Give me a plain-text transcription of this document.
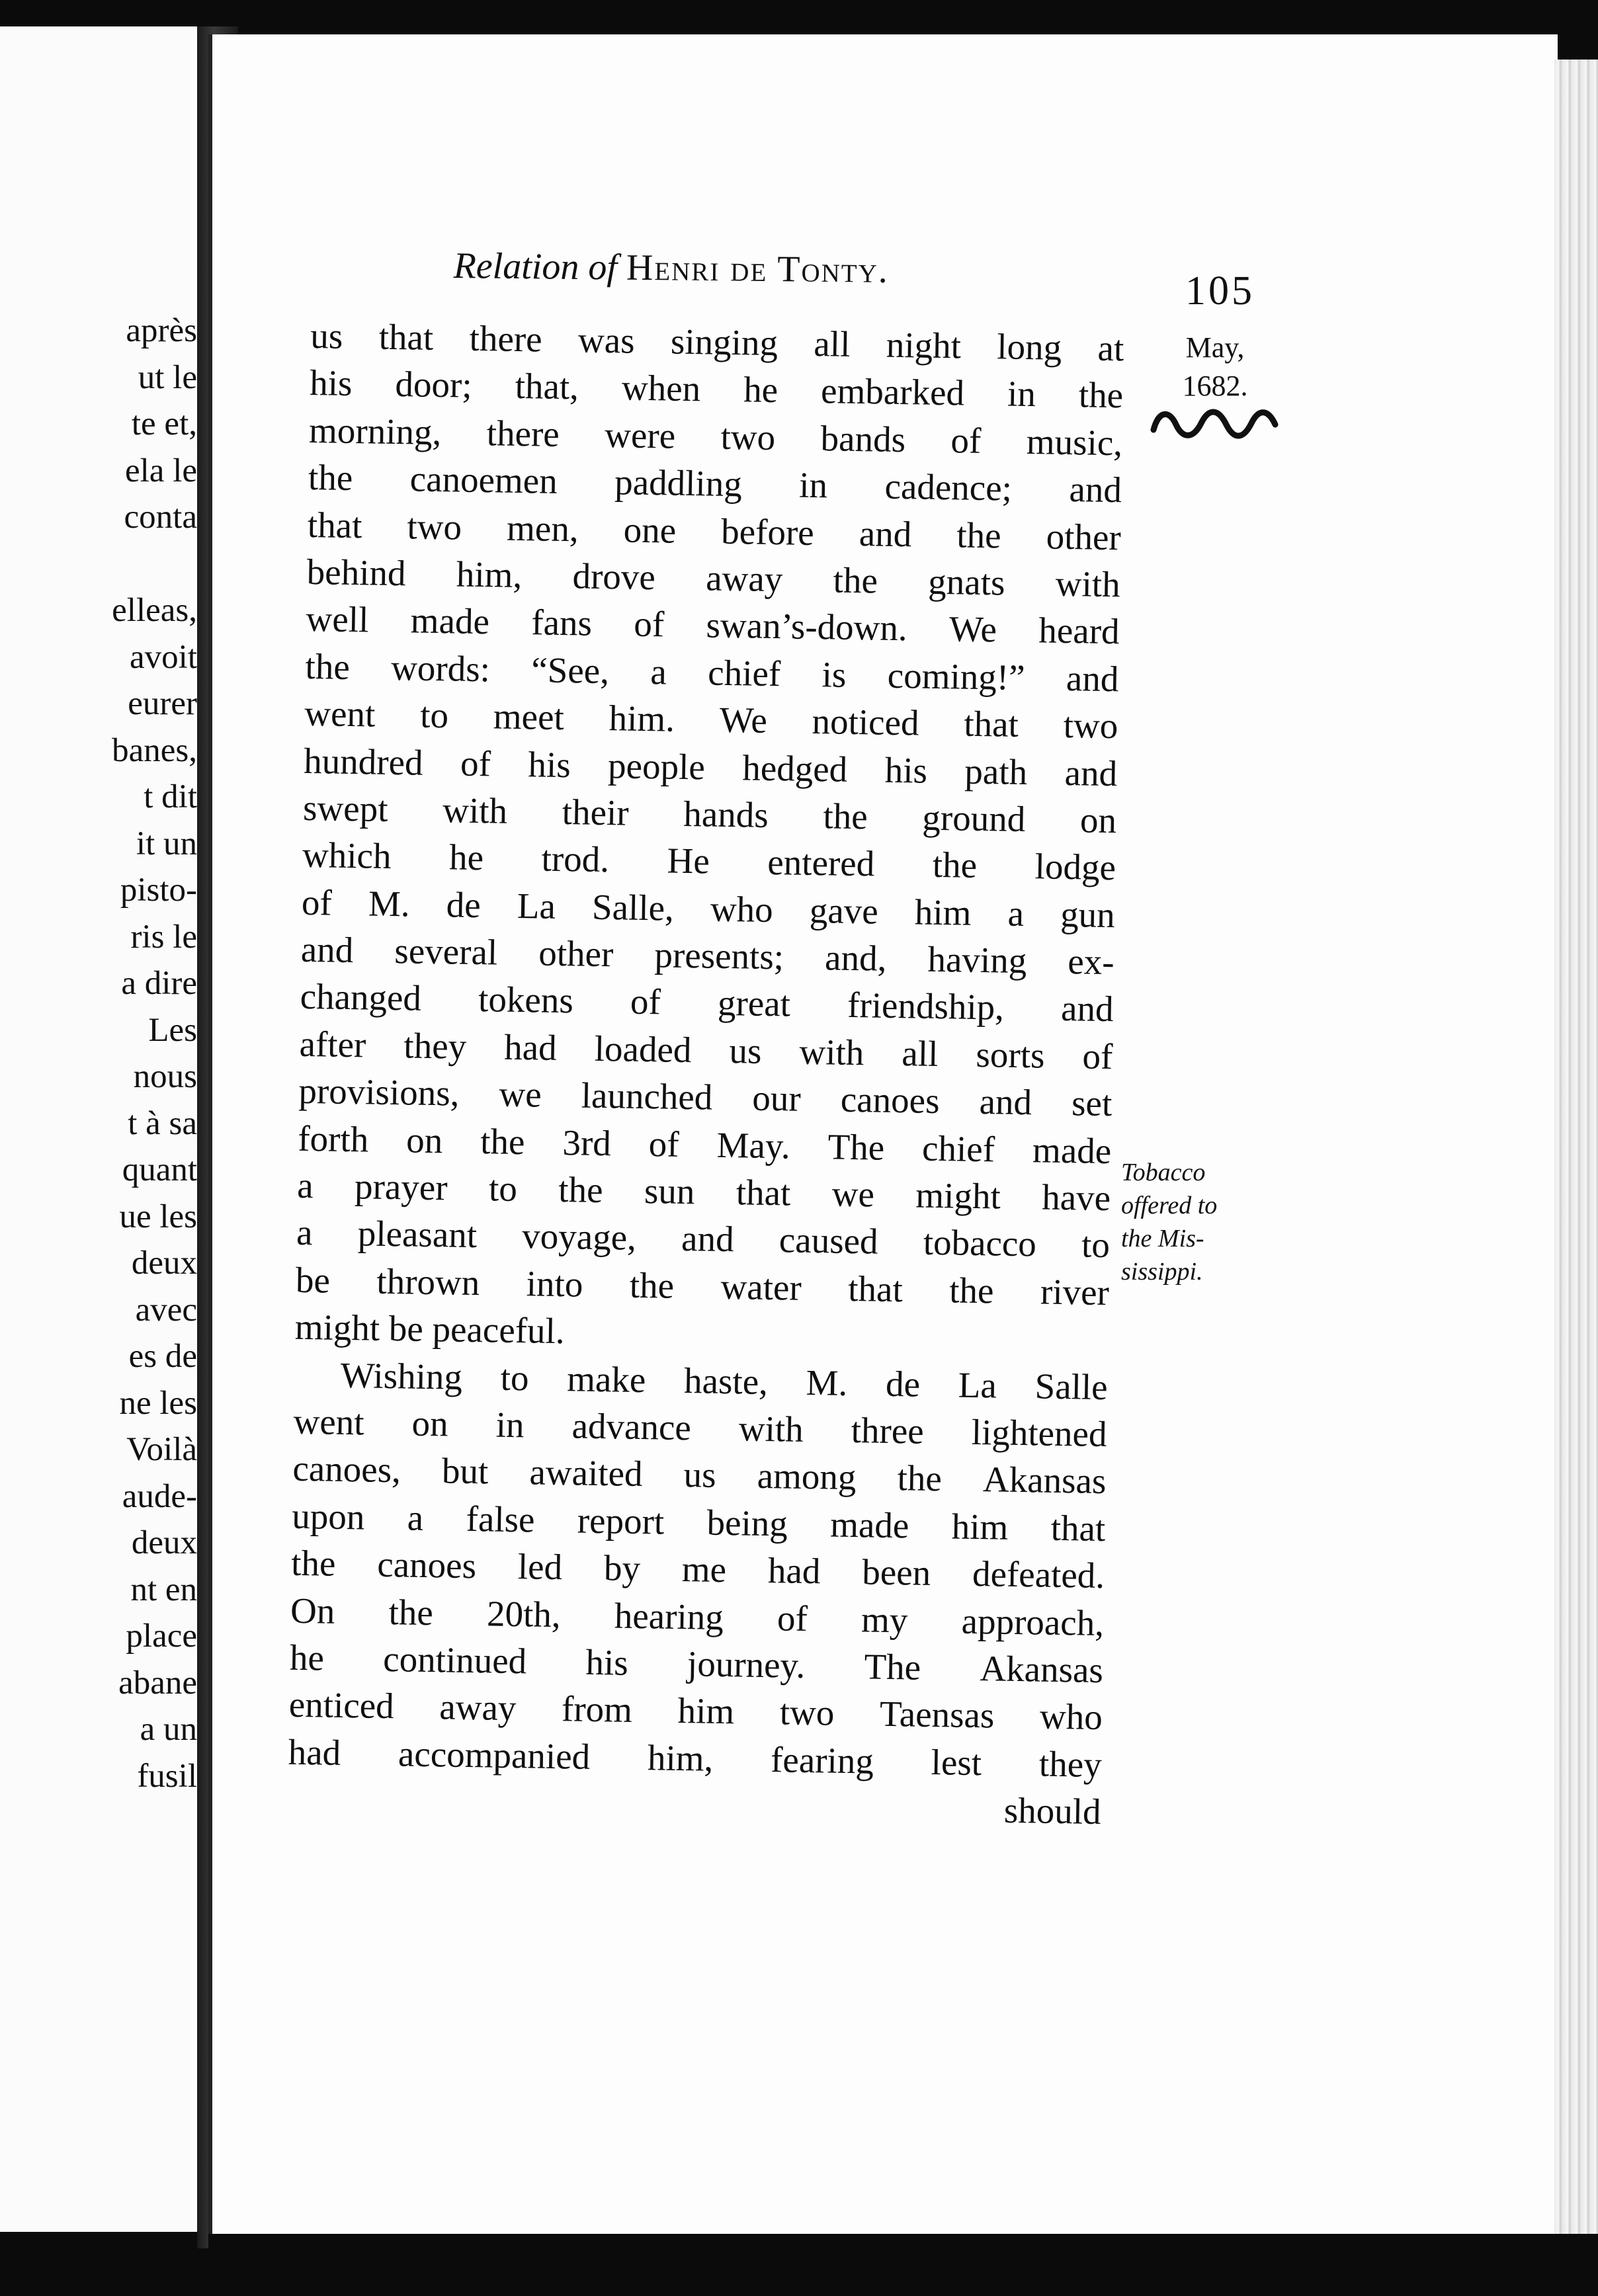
après
ut le
te et,
ela le
conta
elleas,
avoit
eurer
banes,
t dit
it un
pisto-
ris le
a dire
Les
nous
t à sa
quant
ue les
deux
avec
es de
ne les
Voilà
aude-
deux
nt en
place
abane
a un
fusil
Relation of Henri de Tonty.	105
May,
1682.
us that there was singing all night long at
his door; that, when he embarked in the
morning, there were two bands of music,
the canoemen paddling in cadence; and
that two men, one before and the other
behind him, drove away the gnats with
well made fans of swan’s-down. We heard
the words: “See, a chief is coming!” and
went to meet him. We noticed that two
hundred of his people hedged his path and
swept with their hands the ground on
which he trod. He entered the lodge
of M. de La Salle, who gave him a gun
and several other presents; and, having ex-
changed tokens of great friendship, and
after they had loaded us with all sorts of
provisions, we launched our canoes and set
forth on the 3rd of May. The chief made
a prayer to the sun that we might have
a pleasant voyage, and caused tobacco to
be thrown into the water that the river
might be peaceful.
Wishing to make haste, M. de La Salle
went on in advance with three lightened
canoes, but awaited us among the Akansas
upon a false report being made him that
the canoes led by me had been defeated.
On the 20th, hearing of my approach,
he continued his journey. The Akansas
enticed away from him two Taensas who
had accompanied him, fearing lest they
should
Tobacco
offered to
the Mis-
sissippi.
